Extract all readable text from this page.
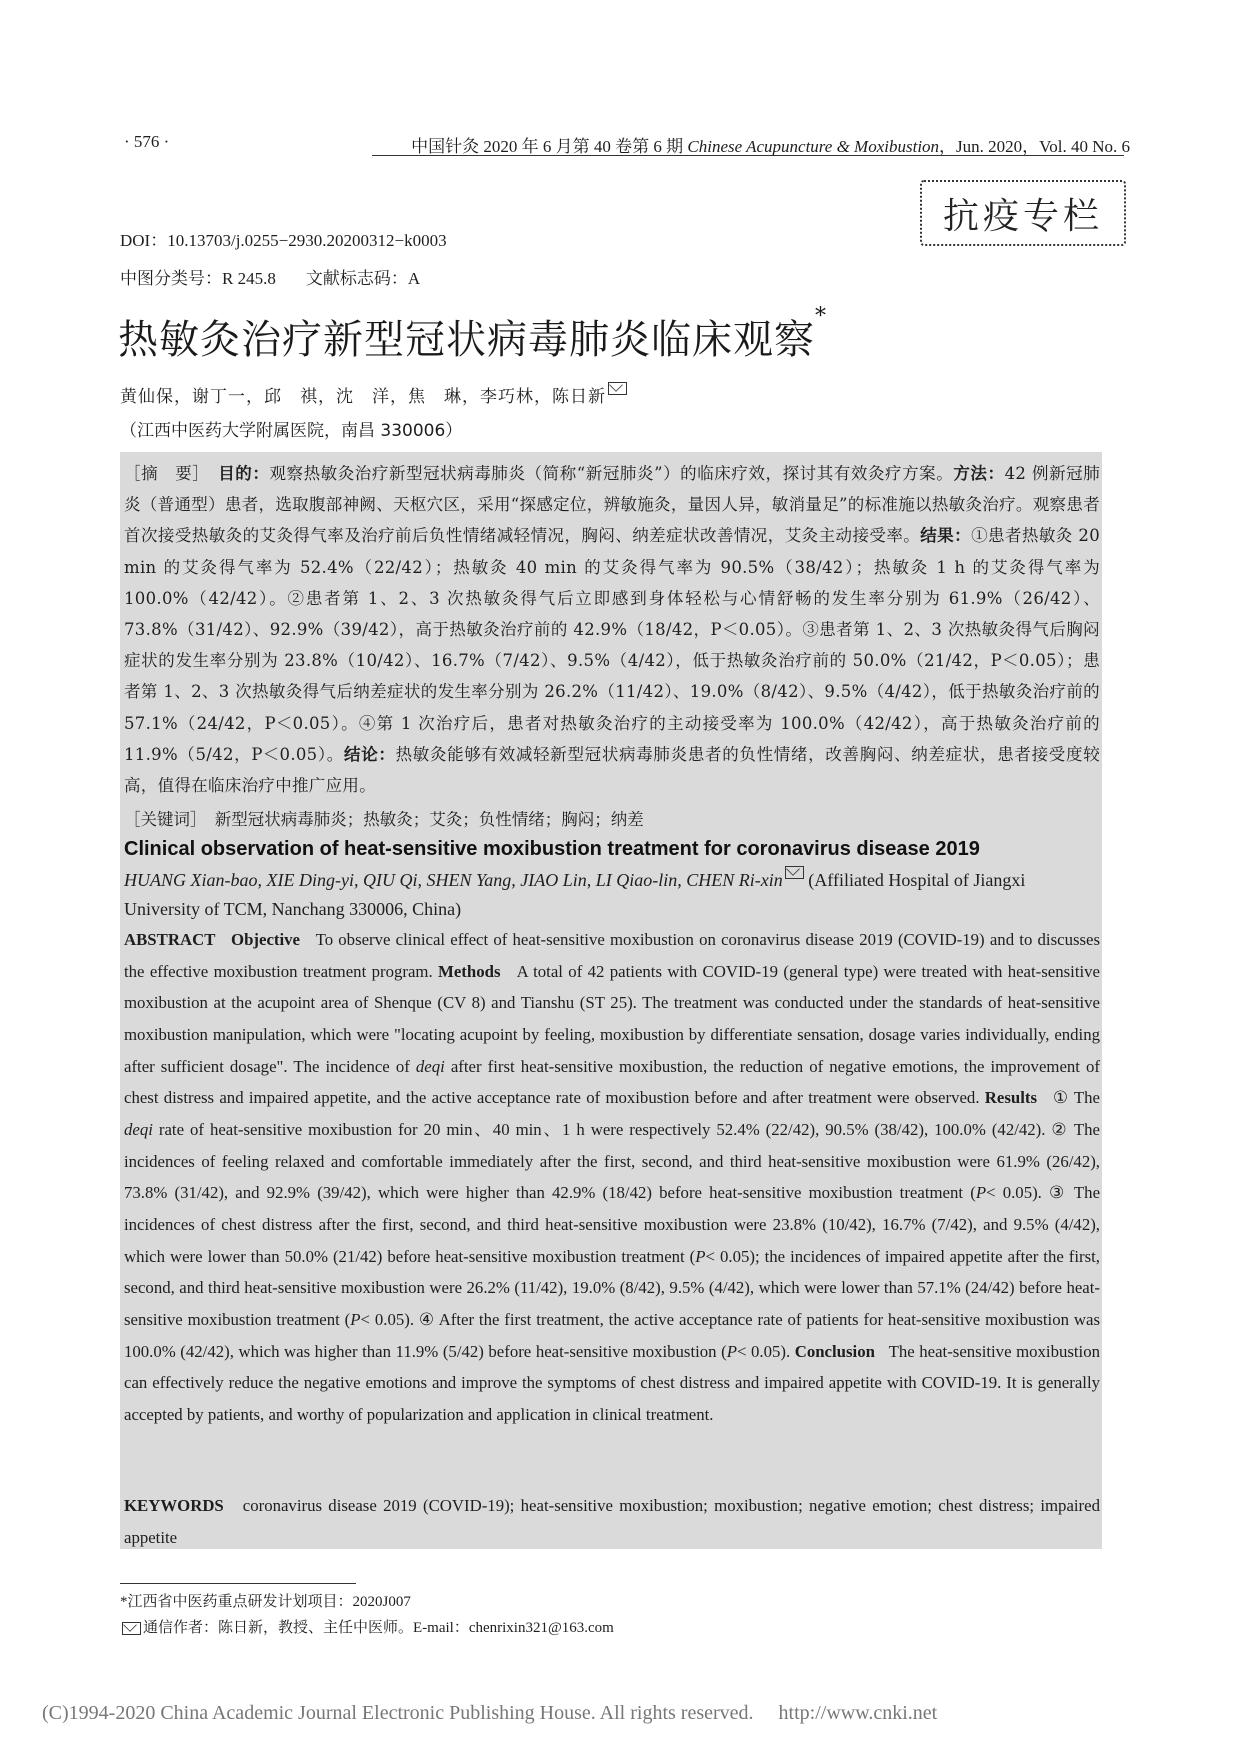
· 576 ·	中国针灸 2020 年 6 月第 40 卷第 6 期 Chinese Acupuncture & Moxibustion，Jun. 2020，Vol. 40 No. 6
抗疫专栏
DOI：10.13703/j.0255−2930.20200312−k0003
中图分类号：R 245.8 文献标志码：A
热敏灸治疗新型冠状病毒肺炎临床观察*
黄仙保，谢丁一，邱　祺，沈　洋，焦　琳，李巧林，陈日新
（江西中医药大学附属医院，南昌 330006）
［摘　要］　 目的：观察热敏灸治疗新型冠状病毒肺炎（简称“新冠肺炎”）的临床疗效，探讨其有效灸疗方案。方法：42 例新冠肺炎（普通型）患者，选取腹部神阙、天枢穴区，采用“探感定位，辨敏施灸，量因人异，敏消量足”的标准施以热敏灸治疗。观察患者首次接受热敏灸的艾灸得气率及治疗前后负性情绪减轻情况，胸闷、纳差症状改善情况，艾灸主动接受率。结果：①患者热敏灸 20 min 的艾灸得气率为 52.4%（22/42）；热敏灸 40 min 的艾灸得气率为 90.5%（38/42）；热敏灸 1 h 的艾灸得气率为 100.0%（42/42）。②患者第 1、2、3 次热敏灸得气后立即感到身体轻松与心情舒畅的发生率分别为 61.9%（26/42）、73.8%（31/42）、92.9%（39/42），高于热敏灸治疗前的 42.9%（18/42，P＜0.05）。③患者第 1、2、3 次热敏灸得气后胸闷症状的发生率分别为 23.8%（10/42）、16.7%（7/42）、9.5%（4/42），低于热敏灸治疗前的 50.0%（21/42，P＜0.05）；患者第 1、2、3 次热敏灸得气后纳差症状的发生率分别为 26.2%（11/42）、19.0%（8/42）、9.5%（4/42），低于热敏灸治疗前的 57.1%（24/42，P＜0.05）。④第 1 次治疗后，患者对热敏灸治疗的主动接受率为 100.0%（42/42），高于热敏灸治疗前的 11.9%（5/42，P＜0.05）。结论：热敏灸能够有效减轻新型冠状病毒肺炎患者的负性情绪，改善胸闷、纳差症状，患者接受度较高，值得在临床治疗中推广应用。
［关键词］　新型冠状病毒肺炎；热敏灸；艾灸；负性情绪；胸闷；纳差
Clinical observation of heat-sensitive moxibustion treatment for coronavirus disease 2019
HUANG Xian-bao, XIE Ding-yi, QIU Qi, SHEN Yang, JIAO Lin, LI Qiao-lin, CHEN Ri-xin (Affiliated Hospital of Jiangxi University of TCM, Nanchang 330006, China)
ABSTRACT Objective To observe clinical effect of heat-sensitive moxibustion on coronavirus disease 2019 (COVID-19) and to discusses the effective moxibustion treatment program. Methods A total of 42 patients with COVID-19 (general type) were treated with heat-sensitive moxibustion at the acupoint area of Shenque (CV 8) and Tianshu (ST 25). The treatment was conducted under the standards of heat-sensitive moxibustion manipulation, which were "locating acupoint by feeling, moxibustion by differentiate sensation, dosage varies individually, ending after sufficient dosage". The incidence of deqi after first heat-sensitive moxibustion, the reduction of negative emotions, the improvement of chest distress and impaired appetite, and the active acceptance rate of moxibustion before and after treatment were observed. Results ① The deqi rate of heat-sensitive moxibustion for 20 min、40 min、1 h were respectively 52.4% (22/42), 90.5% (38/42), 100.0% (42/42). ② The incidences of feeling relaxed and comfortable immediately after the first, second, and third heat-sensitive moxibustion were 61.9% (26/42), 73.8% (31/42), and 92.9% (39/42), which were higher than 42.9% (18/42) before heat-sensitive moxibustion treatment (P< 0.05). ③ The incidences of chest distress after the first, second, and third heat-sensitive moxibustion were 23.8% (10/42), 16.7% (7/42), and 9.5% (4/42), which were lower than 50.0% (21/42) before heat-sensitive moxibustion treatment (P< 0.05); the incidences of impaired appetite after the first, second, and third heat-sensitive moxibustion were 26.2% (11/42), 19.0% (8/42), 9.5% (4/42), which were lower than 57.1% (24/42) before heat-sensitive moxibustion treatment (P< 0.05). ④ After the first treatment, the active acceptance rate of patients for heat-sensitive moxibustion was 100.0% (42/42), which was higher than 11.9% (5/42) before heat-sensitive moxibustion (P< 0.05). Conclusion The heat-sensitive moxibustion can effectively reduce the negative emotions and improve the symptoms of chest distress and impaired appetite with COVID-19. It is generally accepted by patients, and worthy of popularization and application in clinical treatment.
KEYWORDS coronavirus disease 2019 (COVID-19); heat-sensitive moxibustion; moxibustion; negative emotion; chest distress; impaired appetite
*江西省中医药重点研发计划项目：2020J007
通信作者：陈日新，教授、主任中医师。E-mail：chenrixin321@163.com
(C)1994-2020 China Academic Journal Electronic Publishing House. All rights reserved.　 http://www.cnki.net
